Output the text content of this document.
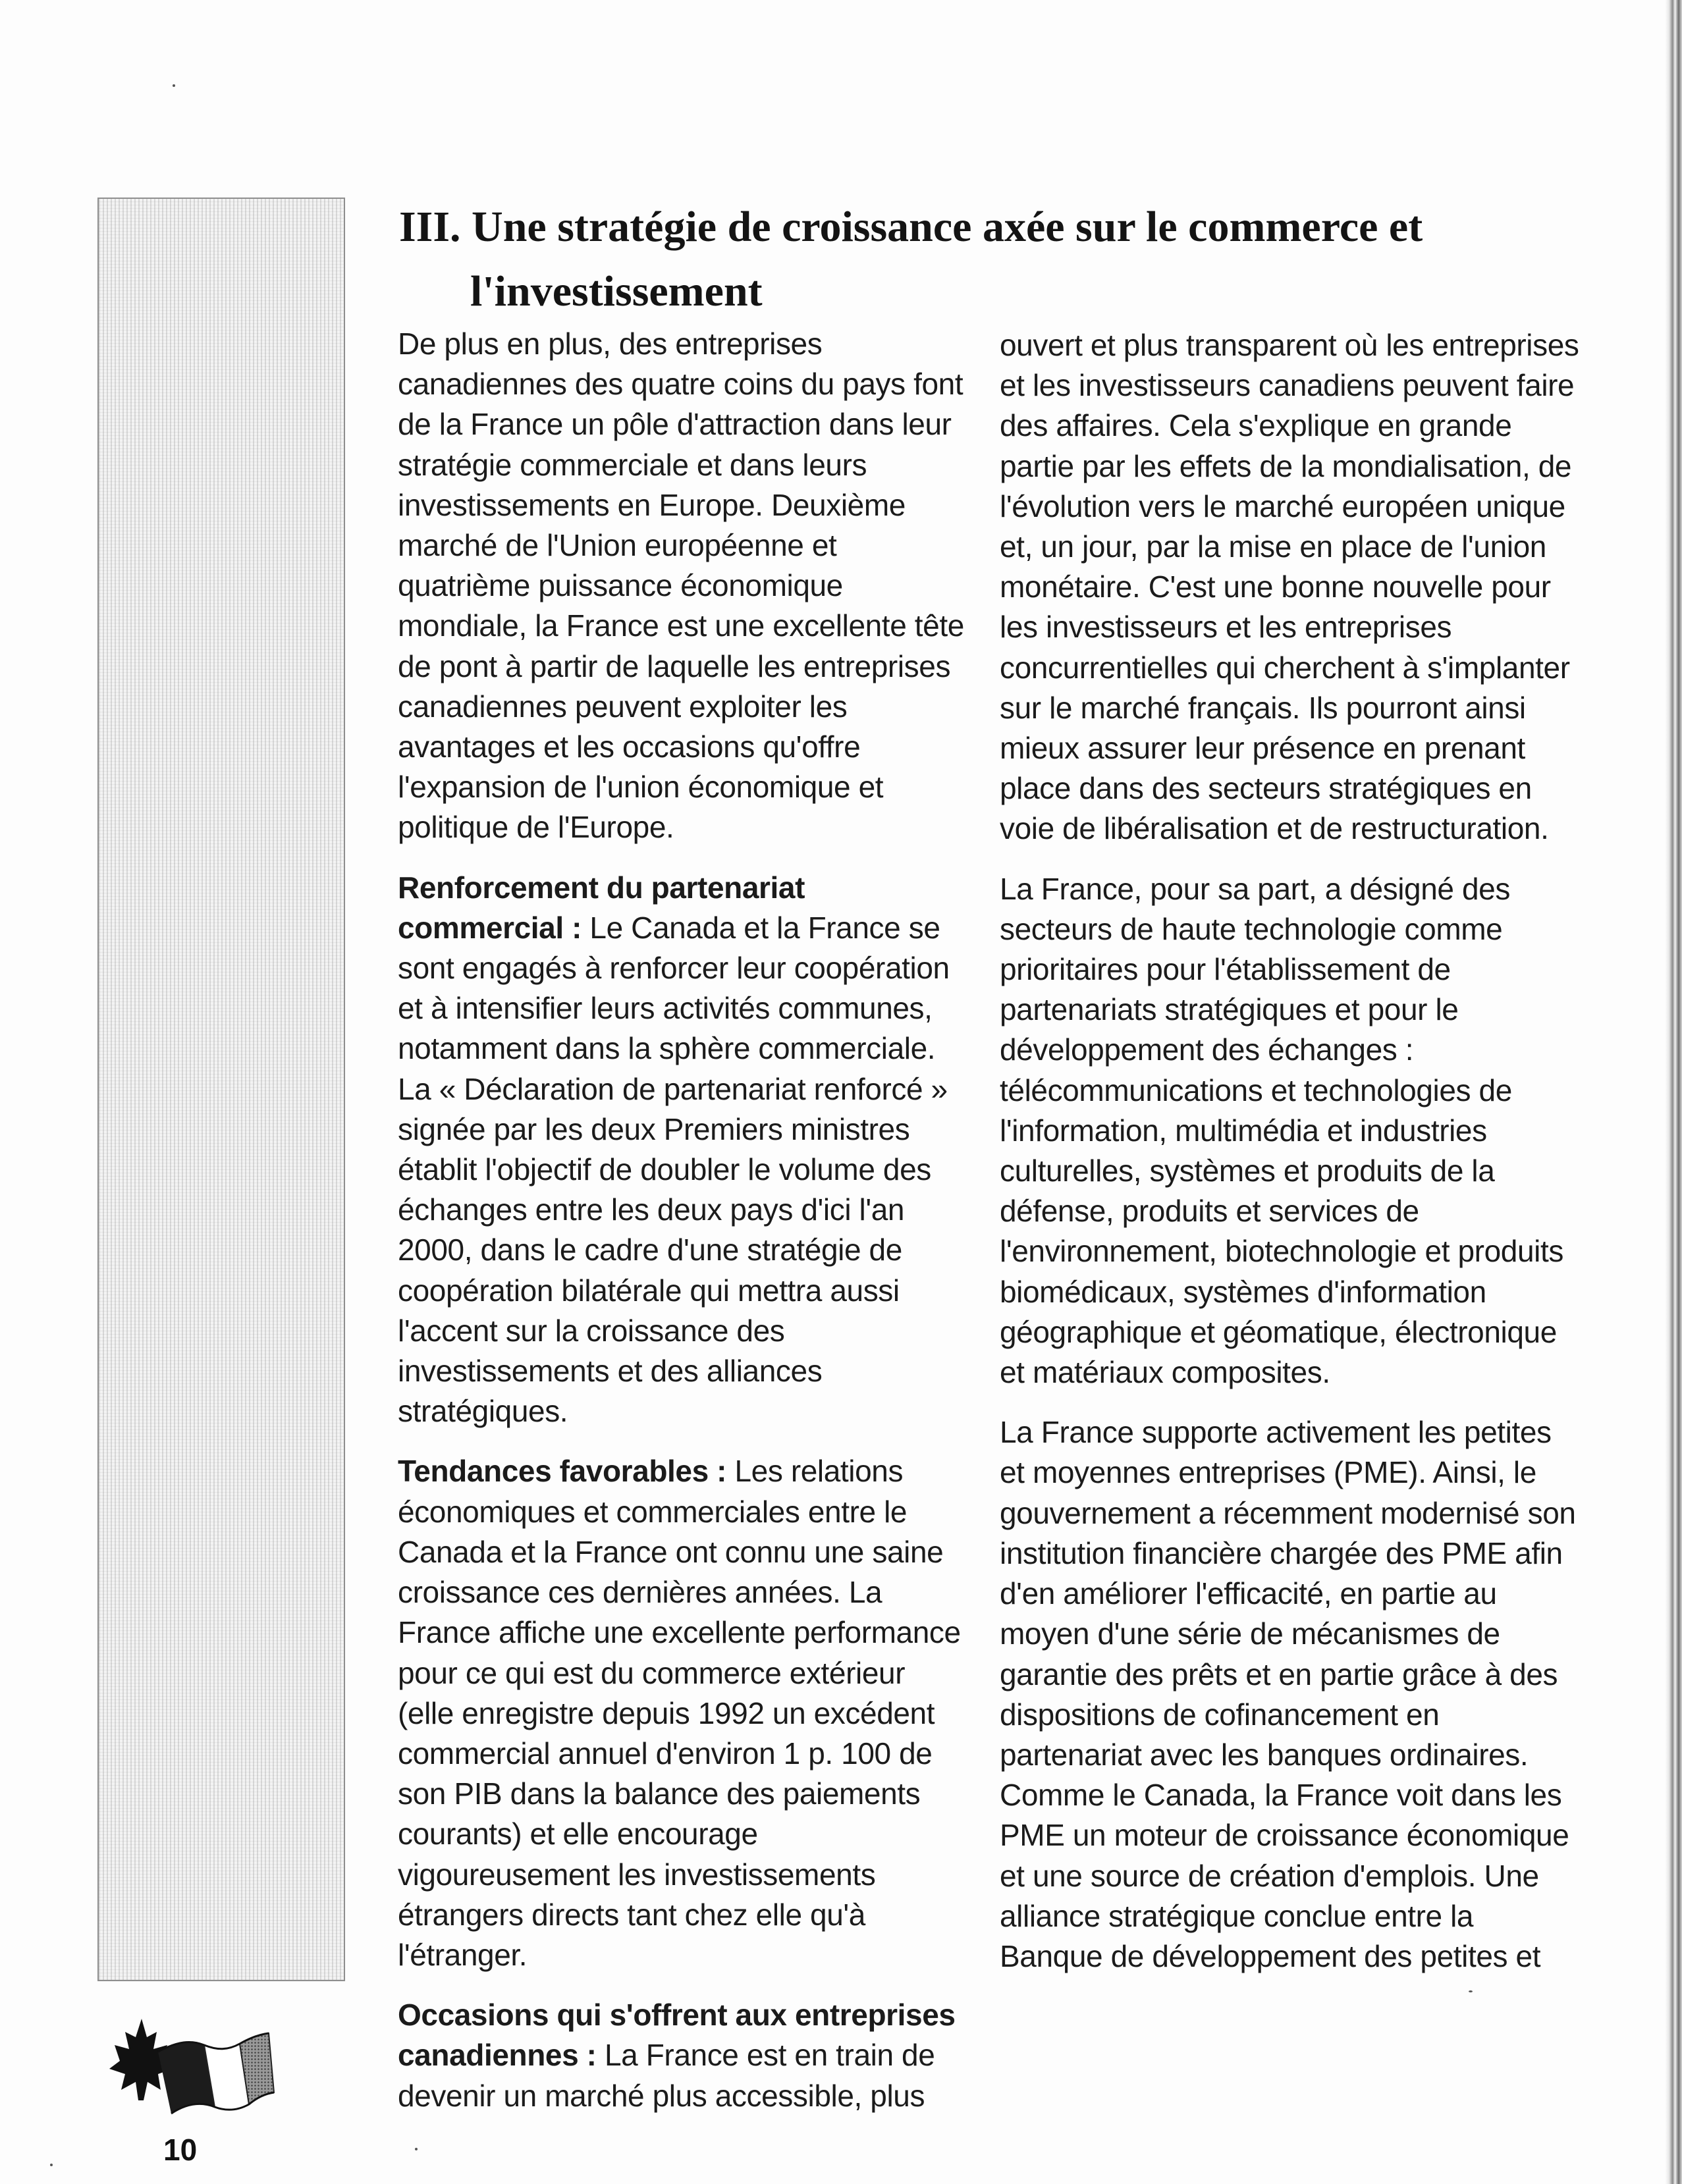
III. Une stratégie de croissance axée sur le commerce et
l'investissement

De plus en plus, des entreprises canadiennes des quatre coins du pays font de la France un pôle d'attraction dans leur stratégie commerciale et dans leurs investissements en Europe. Deuxième marché de l'Union européenne et quatrième puissance économique mondiale, la France est une excellente tête de pont à partir de laquelle les entreprises canadiennes peuvent exploiter les avantages et les occasions qu'offre l'expansion de l'union économique et politique de l'Europe.

Renforcement du partenariat commercial : Le Canada et la France se sont engagés à renforcer leur coopération et à intensifier leurs activités communes, notamment dans la sphère commerciale. La « Déclaration de partenariat renforcé » signée par les deux Premiers ministres établit l'objectif de doubler le volume des échanges entre les deux pays d'ici l'an 2000, dans le cadre d'une stratégie de coopération bilatérale qui mettra aussi l'accent sur la croissance des investissements et des alliances stratégiques.

Tendances favorables : Les relations économiques et commerciales entre le Canada et la France ont connu une saine croissance ces dernières années. La France affiche une excellente performance pour ce qui est du commerce extérieur (elle enregistre depuis 1992 un excédent commercial annuel d'environ 1 p. 100 de son PIB dans la balance des paiements courants) et elle encourage vigoureusement les investissements étrangers directs tant chez elle qu'à l'étranger.

Occasions qui s'offrent aux entreprises canadiennes : La France est en train de devenir un marché plus accessible, plus

ouvert et plus transparent où les entreprises et les investisseurs canadiens peuvent faire des affaires. Cela s'explique en grande partie par les effets de la mondialisation, de l'évolution vers le marché européen unique et, un jour, par la mise en place de l'union monétaire. C'est une bonne nouvelle pour les investisseurs et les entreprises concurrentielles qui cherchent à s'implanter sur le marché français. Ils pourront ainsi mieux assurer leur présence en prenant place dans des secteurs stratégiques en voie de libéralisation et de restructuration.

La France, pour sa part, a désigné des secteurs de haute technologie comme prioritaires pour l'établissement de partenariats stratégiques et pour le développement des échanges : télécommunications et technologies de l'information, multimédia et industries culturelles, systèmes et produits de la défense, produits et services de l'environnement, biotechnologie et produits biomédicaux, systèmes d'information géographique et géomatique, électronique et matériaux composites.

La France supporte activement les petites et moyennes entreprises (PME). Ainsi, le gouvernement a récemment modernisé son institution financière chargée des PME afin d'en améliorer l'efficacité, en partie au moyen d'une série de mécanismes de garantie des prêts et en partie grâce à des dispositions de cofinancement en partenariat avec les banques ordinaires. Comme le Canada, la France voit dans les PME un moteur de croissance économique et une source de création d'emplois. Une alliance stratégique conclue entre la Banque de développement des petites et

10
